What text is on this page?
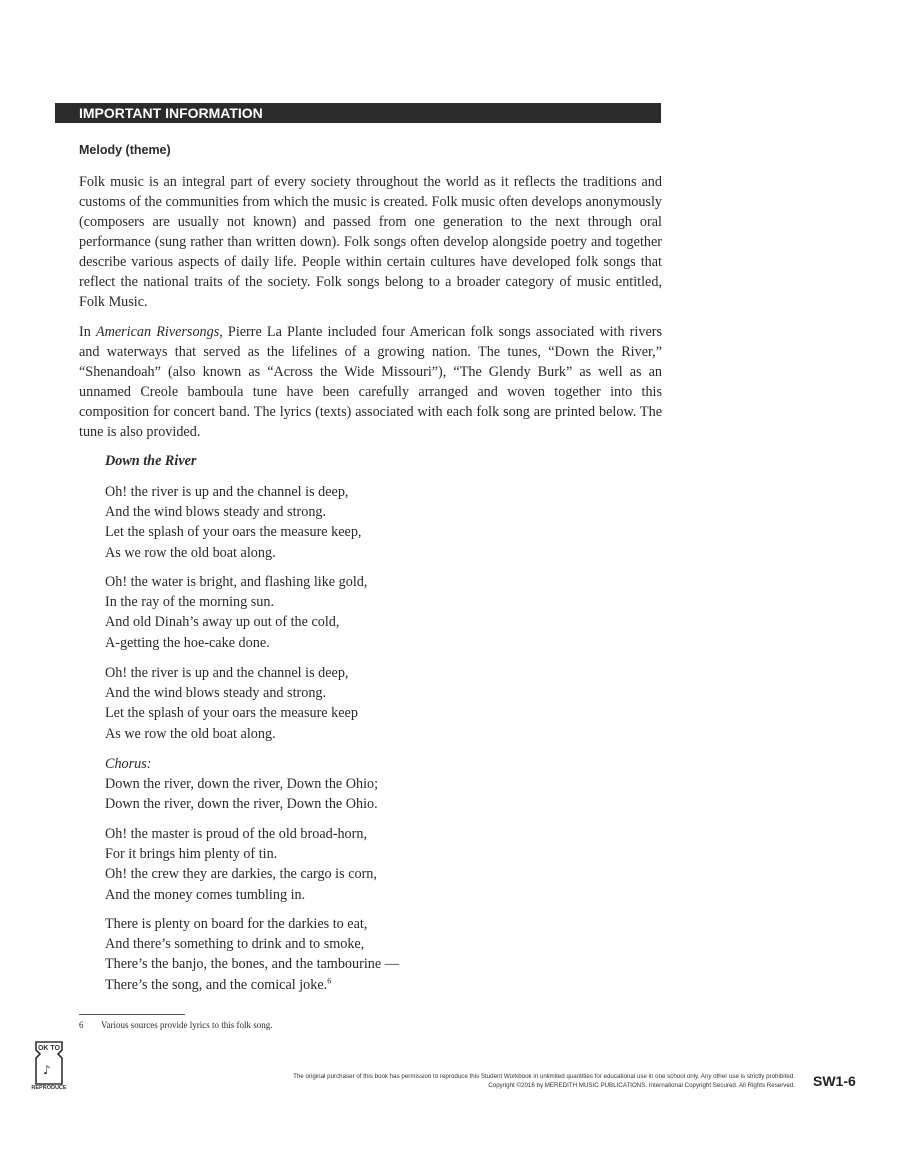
IMPORTANT INFORMATION
Melody (theme)

Folk music is an integral part of every society throughout the world as it reflects the traditions and customs of the communities from which the music is created. Folk music often develops anonymously (composers are usually not known) and passed from one generation to the next through oral performance (sung rather than written down). Folk songs often develop alongside poetry and together describe various aspects of daily life. People within certain cultures have developed folk songs that reflect the national traits of the society. Folk songs belong to a broader category of music entitled, Folk Music.

In American Riversongs, Pierre La Plante included four American folk songs associated with rivers and waterways that served as the lifelines of a growing nation. The tunes, “Down the River,” “Shenandoah” (also known as “Across the Wide Missouri”), “The Glendy Burk” as well as an unnamed Creole bamboula tune have been carefully arranged and woven together into this composition for concert band. The lyrics (texts) associated with each folk song are printed below. The tune is also provided.

Down the River
Oh! the river is up and the channel is deep,
And the wind blows steady and strong.
Let the splash of your oars the measure keep,
As we row the old boat along.
Oh! the water is bright, and flashing like gold,
In the ray of the morning sun.
And old Dinah’s away up out of the cold,
A-getting the hoe-cake done.
Oh! the river is up and the channel is deep,
And the wind blows steady and strong.
Let the splash of your oars the measure keep
As we row the old boat along.
Chorus:
Down the river, down the river, Down the Ohio;
Down the river, down the river, Down the Ohio.
Oh! the master is proud of the old broad-horn,
For it brings him plenty of tin.
Oh! the crew they are darkies, the cargo is corn,
And the money comes tumbling in.
There is plenty on board for the darkies to eat,
And there’s something to drink and to smoke,
There’s the banjo, the bones, and the tambourine —
There’s the song, and the comical joke.$^6$
6 Various sources provide lyrics to this folk song.
OK TO
♪
REPRODUCE
The original purchaser of this book has permission to reproduce this Student Workbook in unlimited quantities for educational use in one school only. Any other use is strictly prohibited.
Copyright ©2016 by MEREDITH MUSIC PUBLICATIONS. International Copyright Secured. All Rights Reserved. SW1-6
